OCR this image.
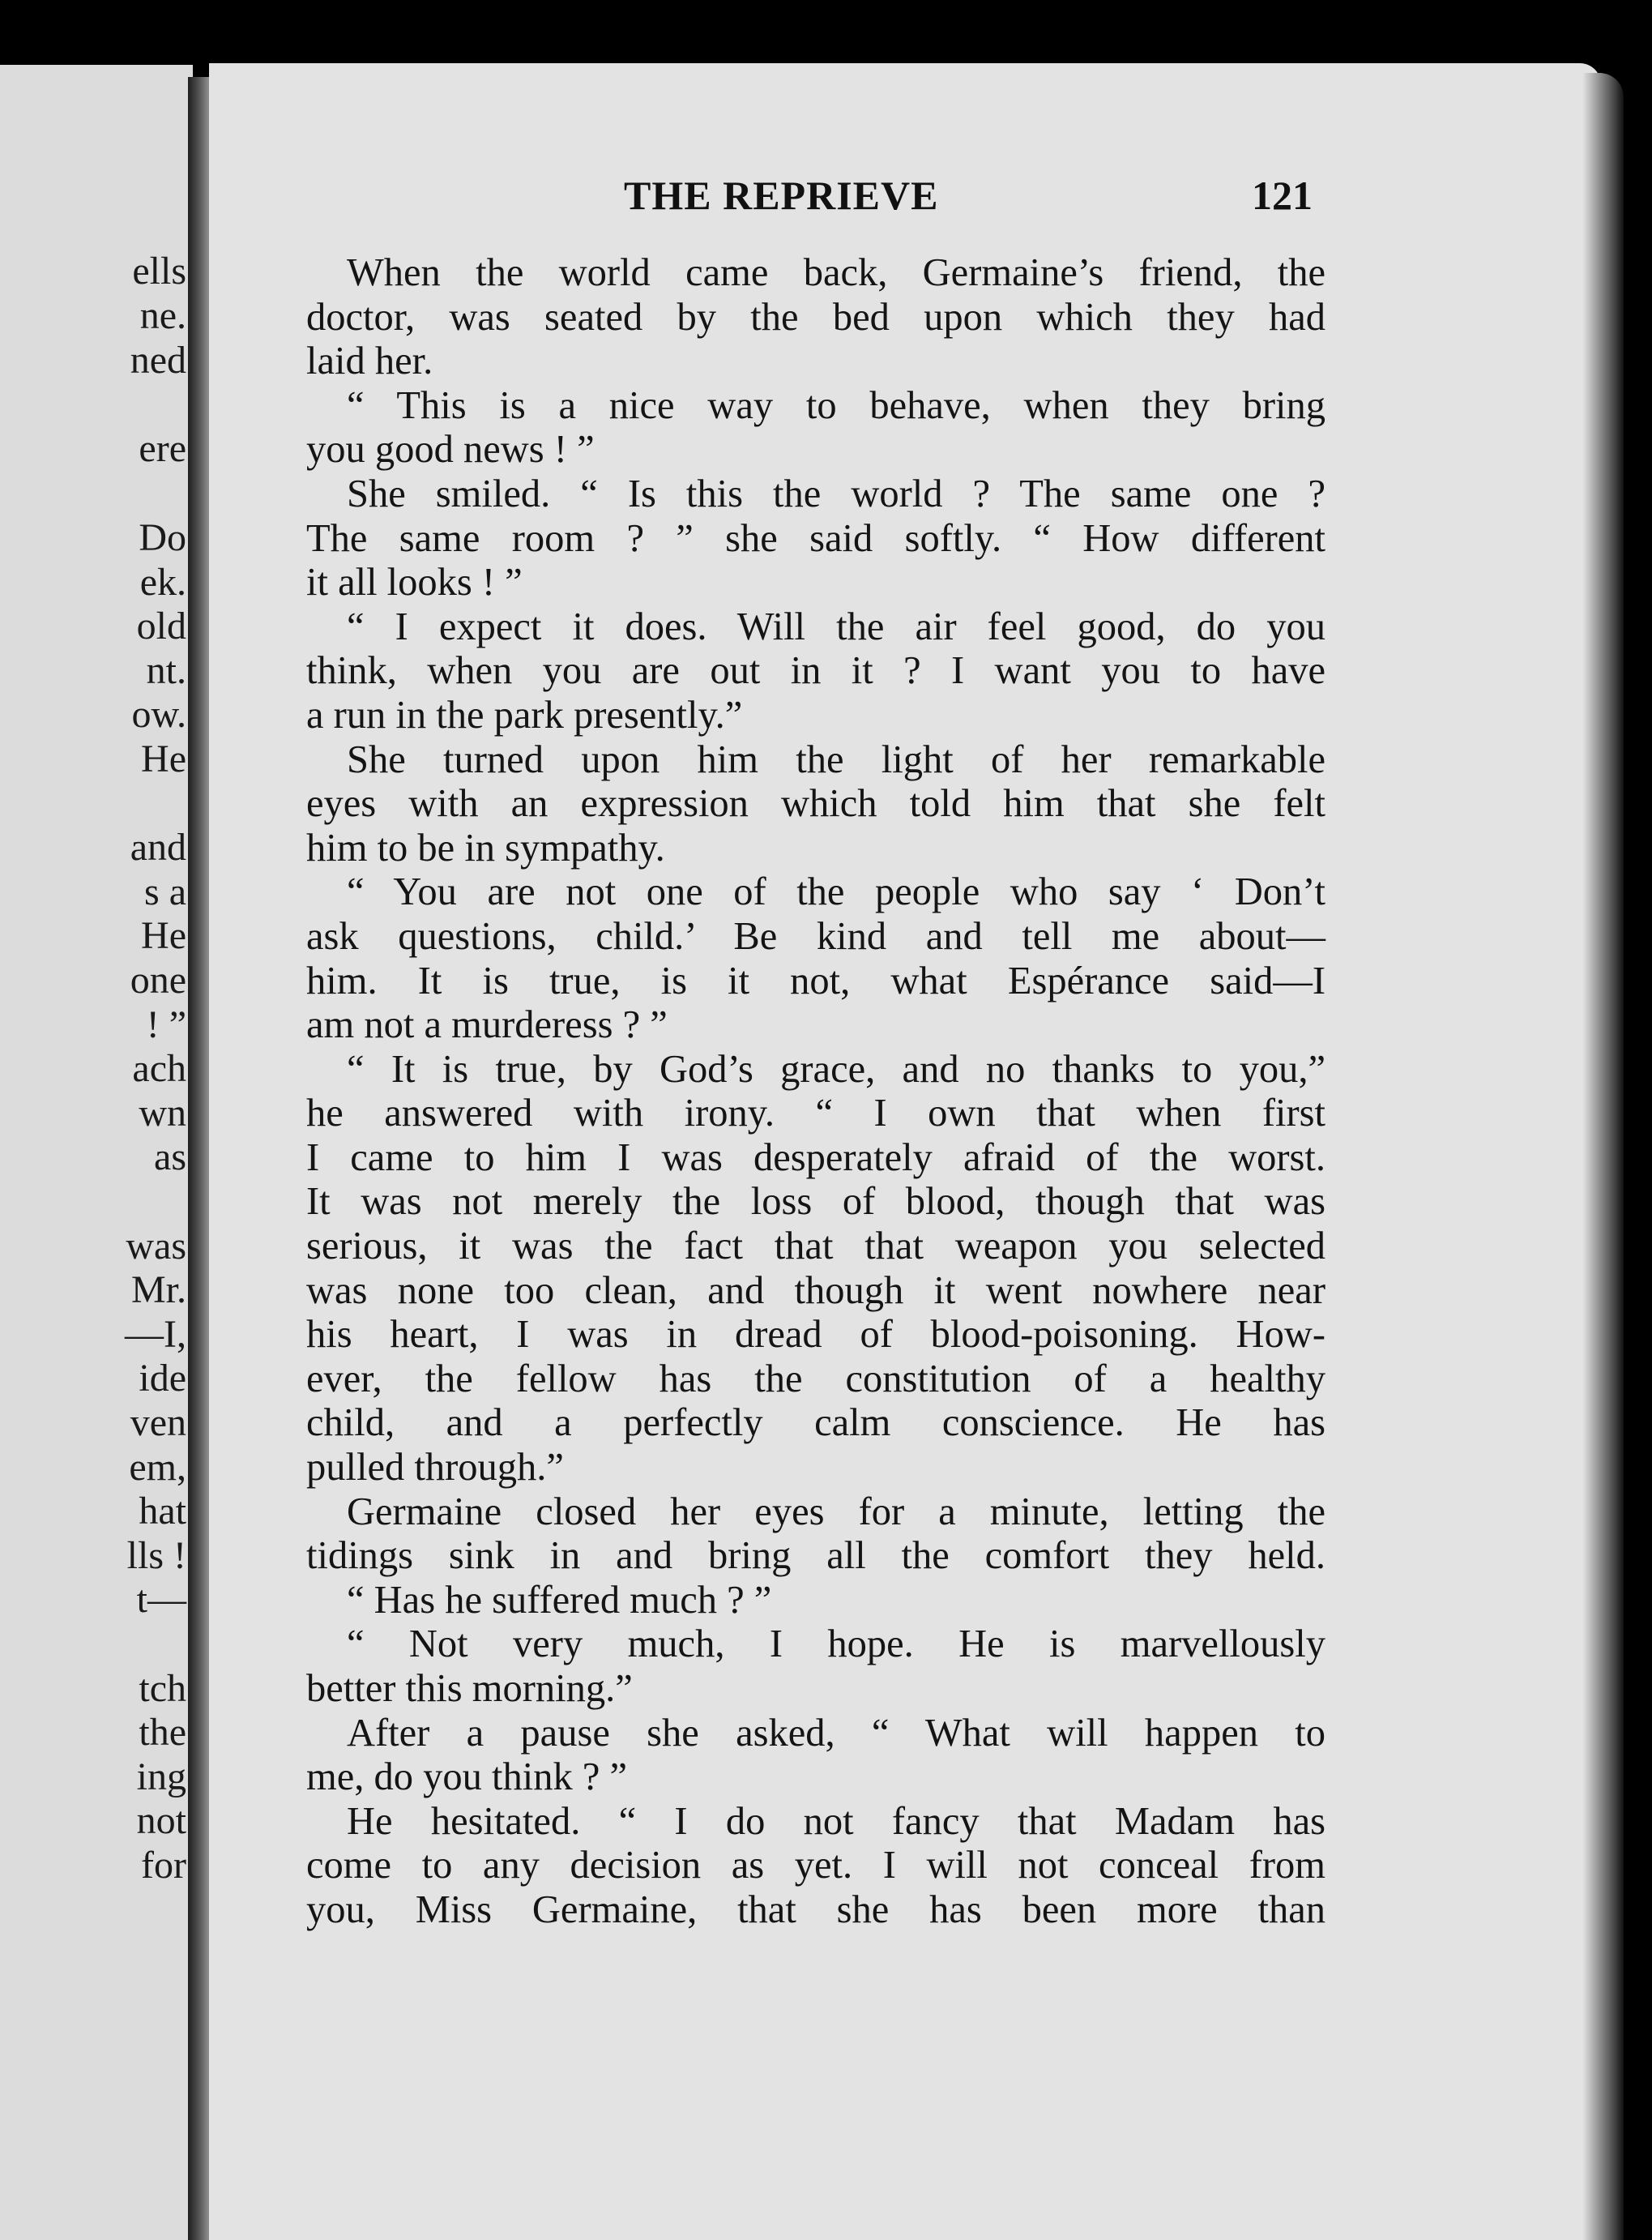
ells
ne.
ned
ere
Do
ek.
old
nt.
ow.
He
and
s a
He
one
! ”
ach
wn
as
was
Mr.
—I,
ide
ven
em,
hat
lls !
t—
tch
the
ing
not
for
THE REPRIEVE	121
When the world came back, Germaine’s friend, the
doctor, was seated by the bed upon which they had
laid her.
“ This is a nice way to behave, when they bring
you good news ! ”
She smiled. “ Is this the world ? The same one ?
The same room ? ” she said softly. “ How different
it all looks ! ”
“ I expect it does. Will the air feel good, do you
think, when you are out in it ? I want you to have
a run in the park presently.”
She turned upon him the light of her remarkable
eyes with an expression which told him that she felt
him to be in sympathy.
“ You are not one of the people who say ‘ Don’t
ask questions, child.’ Be kind and tell me about—
him. It is true, is it not, what Espérance said—I
am not a murderess ? ”
“ It is true, by God’s grace, and no thanks to you,”
he answered with irony. “ I own that when first
I came to him I was desperately afraid of the worst.
It was not merely the loss of blood, though that was
serious, it was the fact that that weapon you selected
was none too clean, and though it went nowhere near
his heart, I was in dread of blood-poisoning. How-
ever, the fellow has the constitution of a healthy
child, and a perfectly calm conscience. He has
pulled through.”
Germaine closed her eyes for a minute, letting the
tidings sink in and bring all the comfort they held.
“ Has he suffered much ? ”
“ Not very much, I hope. He is marvellously
better this morning.”
After a pause she asked, “ What will happen to
me, do you think ? ”
He hesitated. “ I do not fancy that Madam has
come to any decision as yet. I will not conceal from
you, Miss Germaine, that she has been more than
